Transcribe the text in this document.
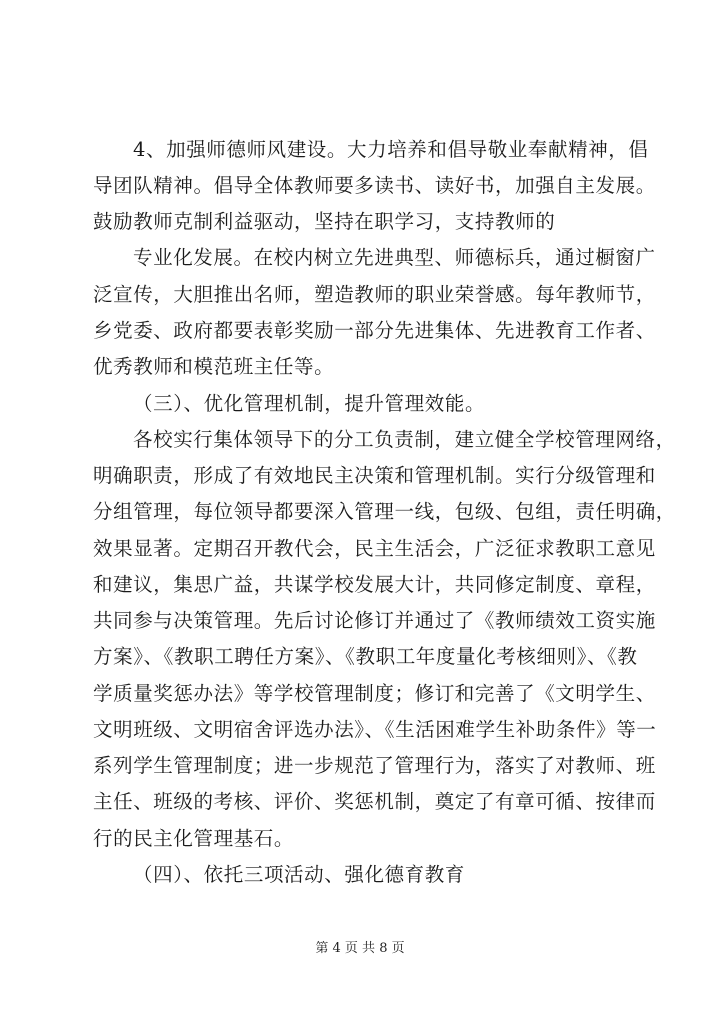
4、加强师德师风建设。大力培养和倡导敬业奉献精神，倡
导团队精神。倡导全体教师要多读书、读好书，加强自主发展。
鼓励教师克制利益驱动，坚持在职学习，支持教师的
专业化发展。在校内树立先进典型、师德标兵，通过橱窗广
泛宣传，大胆推出名师，塑造教师的职业荣誉感。每年教师节，
乡党委、政府都要表彰奖励一部分先进集体、先进教育工作者、
优秀教师和模范班主任等。
（三）、优化管理机制，提升管理效能。
各校实行集体领导下的分工负责制，建立健全学校管理网络，
明确职责，形成了有效地民主决策和管理机制。实行分级管理和
分组管理，每位领导都要深入管理一线，包级、包组，责任明确，
效果显著。定期召开教代会，民主生活会，广泛征求教职工意见
和建议，集思广益，共谋学校发展大计，共同修定制度、章程，
共同参与决策管理。先后讨论修订并通过了《教师绩效工资实施
方案》、《教职工聘任方案》、《教职工年度量化考核细则》、《教
学质量奖惩办法》等学校管理制度；修订和完善了《文明学生、
文明班级、文明宿舍评选办法》、《生活困难学生补助条件》等一
系列学生管理制度；进一步规范了管理行为，落实了对教师、班
主任、班级的考核、评价、奖惩机制，奠定了有章可循、按律而
行的民主化管理基石。
（四）、依托三项活动、强化德育教育
第 4 页 共 8 页
